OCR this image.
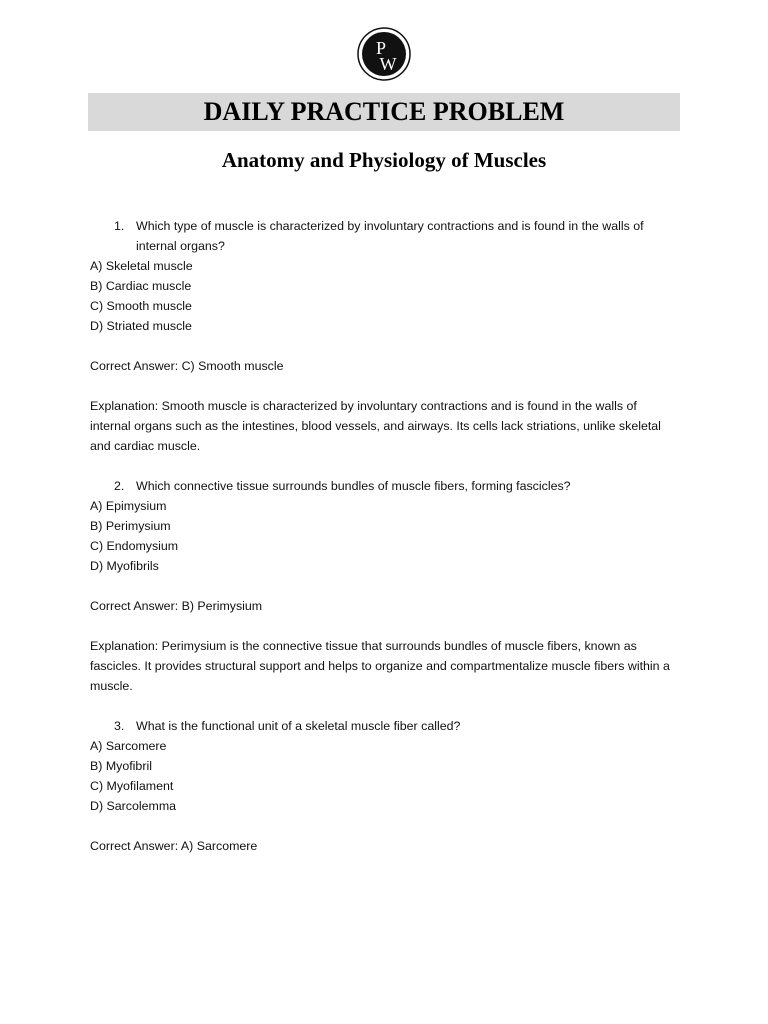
P
W
DAILY PRACTICE PROBLEM
Anatomy and Physiology of Muscles

1. Which type of muscle is characterized by involuntary contractions and is found in the walls of internal organs?

A) Skeletal muscle

B) Cardiac muscle

C) Smooth muscle

D) Striated muscle

Correct Answer: C) Smooth muscle

Explanation: Smooth muscle is characterized by involuntary contractions and is found in the walls of internal organs such as the intestines, blood vessels, and airways. Its cells lack striations, unlike skeletal and cardiac muscle.

2. Which connective tissue surrounds bundles of muscle fibers, forming fascicles?

A) Epimysium

B) Perimysium

C) Endomysium

D) Myofibrils

Correct Answer: B) Perimysium

Explanation: Perimysium is the connective tissue that surrounds bundles of muscle fibers, known as fascicles. It provides structural support and helps to organize and compartmentalize muscle fibers within a muscle.

3. What is the functional unit of a skeletal muscle fiber called?

A) Sarcomere

B) Myofibril

C) Myofilament

D) Sarcolemma

Correct Answer: A) Sarcomere
